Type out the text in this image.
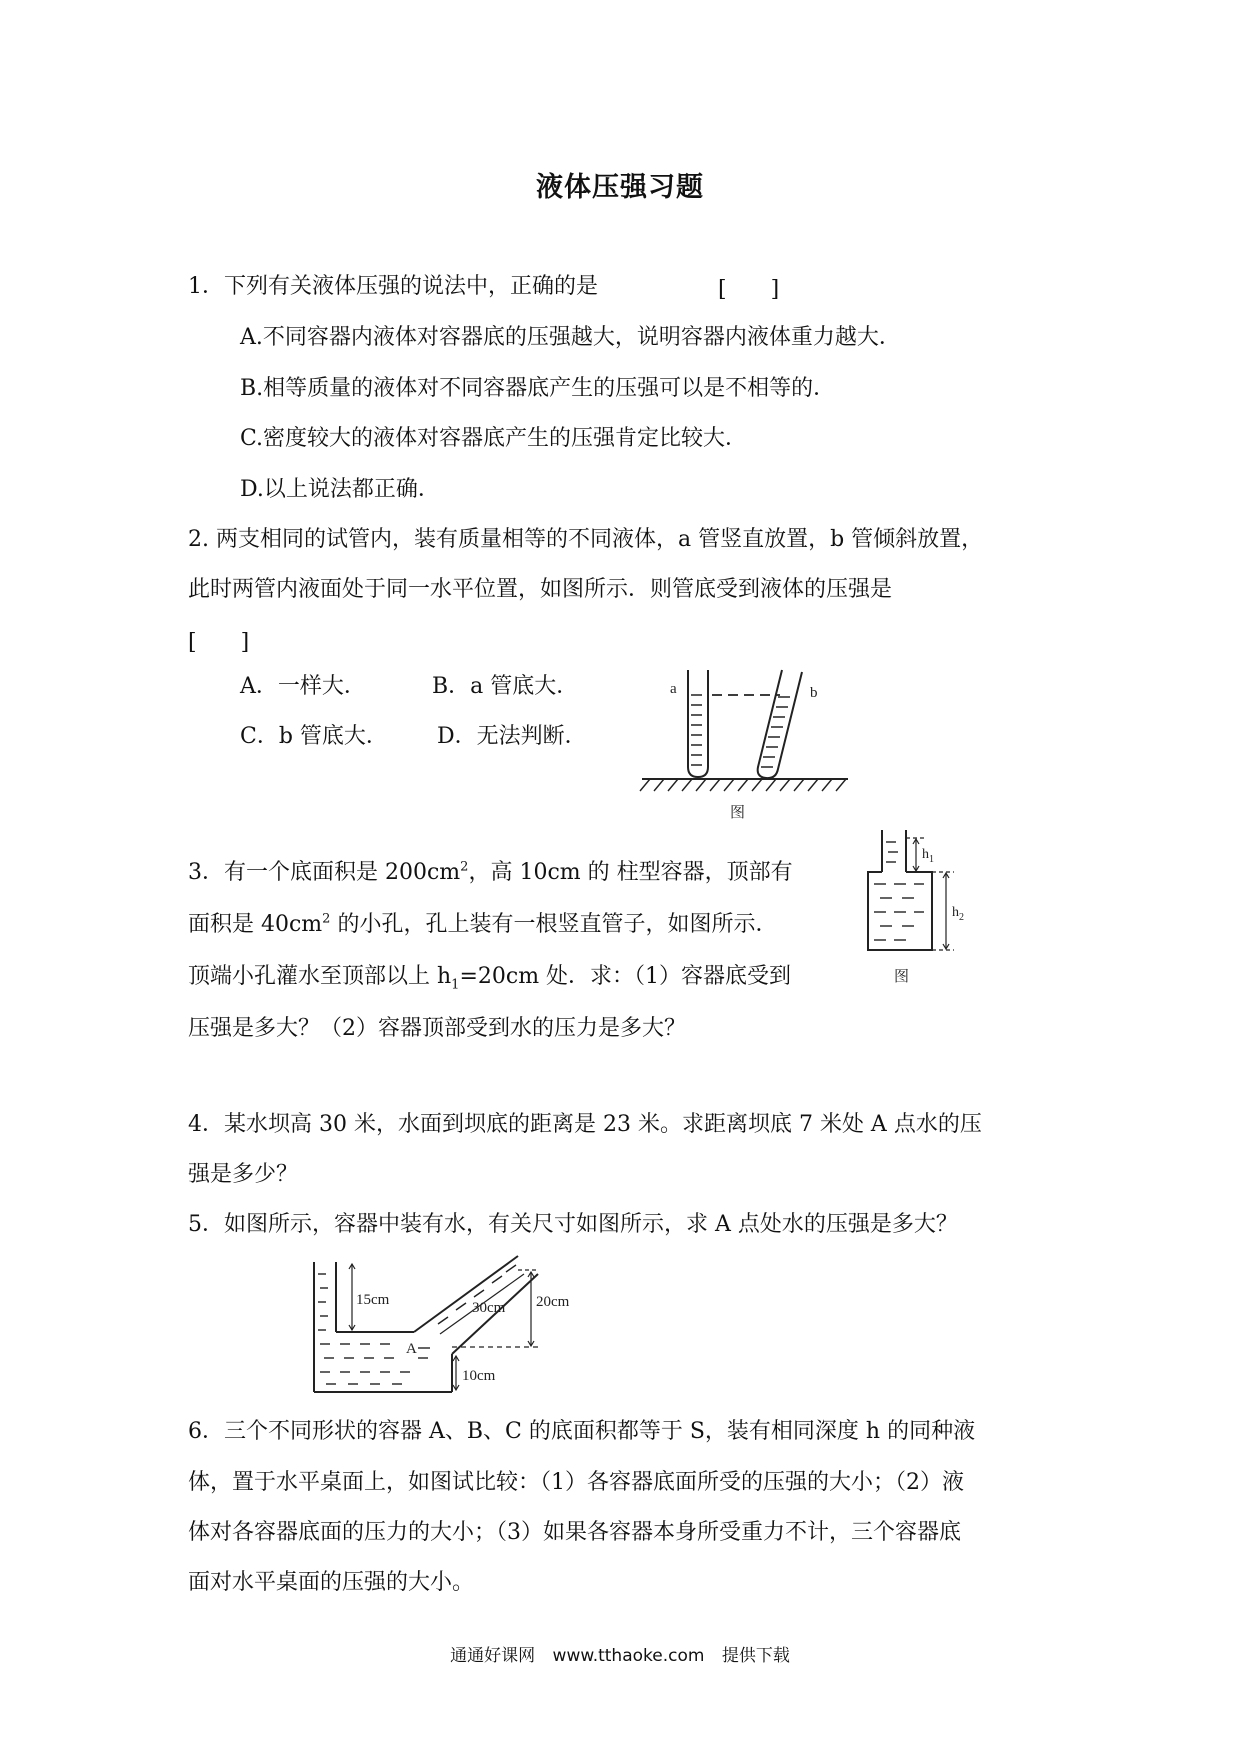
液体压强习题
1．下列有关液体压强的说法中，正确的是	[　　]
A.不同容器内液体对容器底的压强越大，说明容器内液体重力越大．
B.相等质量的液体对不同容器底产生的压强可以是不相等的．
C.密度较大的液体对容器底产生的压强肯定比较大．
D.以上说法都正确．
2. 两支相同的试管内，装有质量相等的不同液体，a 管竖直放置，b 管倾斜放置，
此时两管内液面处于同一水平位置，如图所示．则管底受到液体的压强是
[　　]
A．一样大．	B．a 管底大．
C．b 管底大． D．无法判断．
a	b
图
3．有一个底面积是 $200cm^2$，高 10cm 的 柱型容器，顶部有
面积是 $40cm^2$ 的小孔，孔上装有一根竖直管子，如图所示．
顶端小孔灌水至顶部以上 $h_1=20cm$ 处．求：（1）容器底受到
压强是多大？（2）容器顶部受到水的压力是多大？
$h_1$
$h_2$
图
4．某水坝高 30 米，水面到坝底的距离是 23 米。求距离坝底 7 米处 A 点水的压
强是多少？
5．如图所示，容器中装有水，有关尺寸如图所示，求 A 点处水的压强是多大？
15cm	30cm 20cm
10cm
A
6．三个不同形状的容器 A、B、C 的底面积都等于 S，装有相同深度 h 的同种液
体，置于水平桌面上，如图试比较：（1）各容器底面所受的压强的大小；（2）液
体对各容器底面的压力的大小；（3）如果各容器本身所受重力不计，三个容器底
面对水平桌面的压强的大小。
通通好课网 www.tthaoke.com 提供下载
